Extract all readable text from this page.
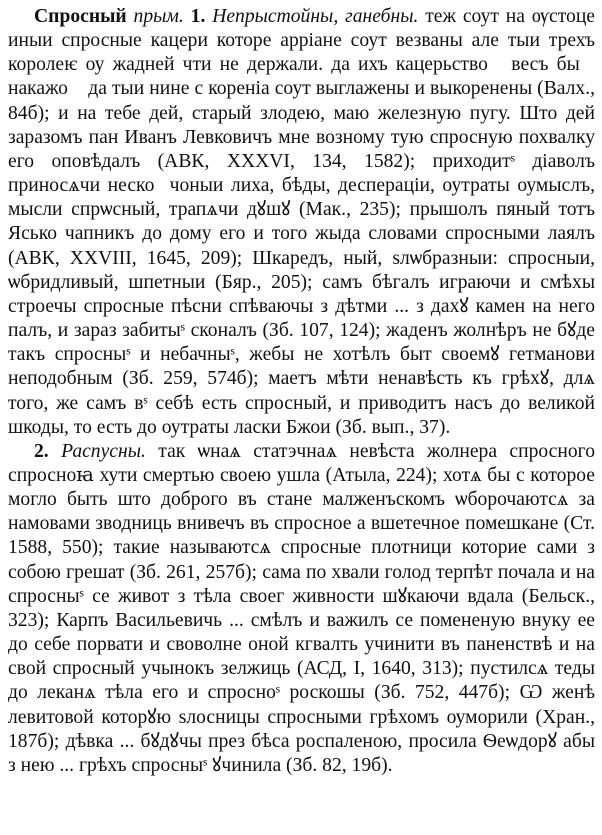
Спросный прым. 1. Непрыстойны, ганебны. теж соут на ѹстоце иныи спросные кацери которе арріане соут везваны але тыи трехъ королеѥ оу жадней чти не держали. да ихъ кацерьствоⷨ весъ быⷧ накажоⷩ да тыи нине с кореніа соут выглажены и выкоренены (Валх., 84б); и на тебе дей, старый злодею, маю железную пугу. Што дей заразомъ пан Иванъ Левковичъ мне возному тую спросную похвалку его оповѣдалъ (АВК, XXXVI, 134, 1582); приходитˢ діаволъ приносѧчи нескоⷩчоныи лиха, бѣды, десперацiи, оутраты оумыслъ, мысли спрѡсный, трапѧчи дꙋшꙋ (Мак., 235); прышолъ пяный тотъ Ясько чапникъ до дому его и того жыда словами спросными лаялъ (АВК, XXVIII, 1645, 209); Шкаредъ, ный, ѕлѡбразныи: спросныи, ѡбридливый, шпетныи (Бяр., 205); самъ бѣгалъ играючи и смѣхы строечы спросные пѣсни спѣваючы з дѣтми ... з дахꙋ камен на него палъ, и зараз забитыˢ сконалъ (Зб. 107, 124); жаденъ жолнѣръ не бꙋде такъ спросныˢ и небачныˢ, жебы не хотѣлъ быт своемꙋ гетманови неподобным (Зб. 259, 574б); маетъ мѣти ненавѣсть къ грѣхꙋ, длѧ того, же самъ вˢ себѣ есть спросный, и приводитъ насъ до великой шкоды, то есть до оутраты ласки Бжои (Зб. вып., 37).

2. Распусны. так ѡнаѧ статэчнаѧ невѣста жолнера спросного спросноꙗ хути смертью своею ушла (Атыла, 224); хотѧ бы с которое могло быть што доброго въ стане малженъскомъ ѡборочаютсѧ за намовами зводниць внивечъ въ спросное а вшетечное помешкане (Ст. 1588, 550); такие называютсѧ спросные плотници которие сами з собою грешат (Зб. 261, 257б); сама по хвали голод терпѣт почала и на спросныˢ се живот з тѣла своег живности шꙋкаючи вдала (Бельск., 323); Карпъ Васильевичь ... смѣлъ и важилъ се помененую внуку ее до себе порвати и своволне оной кгвалть учинити въ паненствѣ и на свой спросный учынокъ зелжиць (АСД, I, 1640, 313); пустилсѧ теды до леканѧ тѣла его и спросноˢ роскошы (Зб. 752, 447б); Ѡ женѣ левитовой которꙋю ѕлосницы спросными грѣхомъ оуморили (Хран., 187б); дѣвка ... бꙋдꙋчы през бѣса роспаленою, просила Ѳеѡдорꙋ абы з нею ... грѣхъ спросныˢ ꙋчинила (Зб. 82, 19б).
